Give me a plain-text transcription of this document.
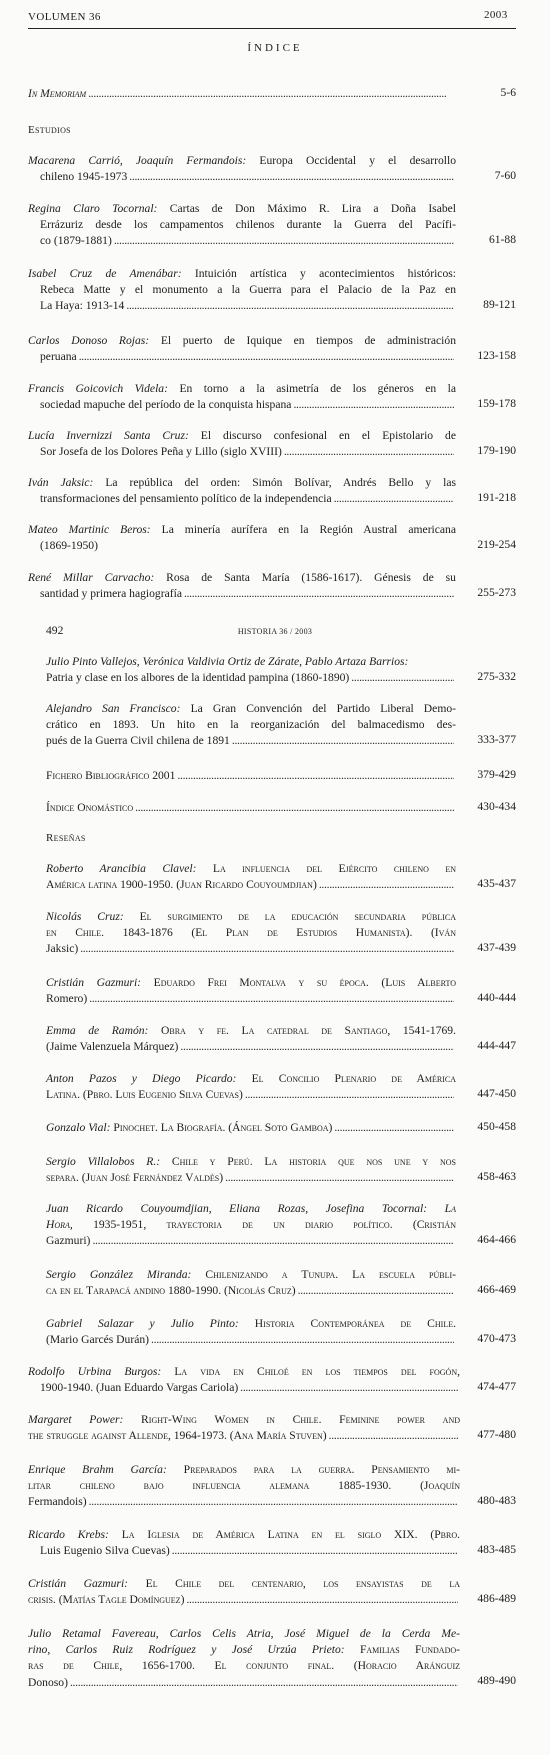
VOLUMEN 36	2003
ÍNDICE
In Memoriam . . .	5-6
Estudios
Macarena Carrió, Joaquín Fermandois: Europa Occidental y el desarrollo
chileno 1945-1973 . . .	7-60
Regina Claro Tocornal: Cartas de Don Máximo R. Lira a Doña Isabel
Errázuriz desde los campamentos chilenos durante la Guerra del Pacífi-
co (1879-1881) . . .	61-88
Isabel Cruz de Amenábar: Intuición artística y acontecimientos históricos:
Rebeca Matte y el monumento a la Guerra para el Palacio de la Paz en
La Haya: 1913-14 . . .	89-121
Carlos Donoso Rojas: El puerto de Iquique en tiempos de administración
peruana . . .	123-158
Francis Goicovich Videla: En torno a la asimetría de los géneros en la
sociedad mapuche del período de la conquista hispana . . .	159-178
Lucía Invernizzi Santa Cruz: El discurso confesional en el Epistolario de
Sor Josefa de los Dolores Peña y Lillo (siglo XVIII) . . .	179-190
Iván Jaksic: La república del orden: Simón Bolívar, Andrés Bello y las
transformaciones del pensamiento político de la independencia . . .	191-218
Mateo Martinic Beros: La minería aurífera en la Región Austral americana
(1869-1950)	219-254
René Millar Carvacho: Rosa de Santa María (1586-1617). Génesis de su
santidad y primera hagiografía . . .	255-273
492	HISTORIA 36 / 2003
Julio Pinto Vallejos, Verónica Valdivia Ortiz de Zárate, Pablo Artaza Barrios:
Patria y clase en los albores de la identidad pampina (1860-1890) . . .	275-332
Alejandro San Francisco: La Gran Convención del Partido Liberal Demo-
crático en 1893. Un hito en la reorganización del balmacedismo des-
pués de la Guerra Civil chilena de 1891 . . .	333-377
Fichero Bibliográfico 2001 . . .	379-429
Índice Onomástico . . .	430-434
Reseñas
Roberto Arancibia Clavel: La influencia del Ejército chileno en
América latina 1900-1950. (Juan Ricardo Couyoumdjian) . . .	435-437
Nicolás Cruz: El surgimiento de la educación secundaria pública
en Chile. 1843-1876 (El Plan de Estudios Humanista). (Iván
Jaksic) . . .	437-439
Cristián Gazmuri: Eduardo Frei Montalva y su época. (Luis Alberto
Romero) . . .	440-444
Emma de Ramón: Obra y fe. La catedral de Santiago, 1541-1769.
(Jaime Valenzuela Márquez) . . .	444-447
Anton Pazos y Diego Picardo: El Concilio Plenario de América
Latina. (Pbro. Luis Eugenio Silva Cuevas) . . .	447-450
Gonzalo Vial:
Pinochet. La Biografía. (Ángel Soto Gamboa) . . .	450-458
Sergio Villalobos R.: Chile y Perú. La historia que nos une y nos
separa. (Juan José Fernández Valdés) . . .	458-463
Juan Ricardo Couyoumdjian, Eliana Rozas, Josefina Tocornal: La
Hora, 1935-1951, trayectoria de un diario político. (Cristián
Gazmuri) . . .	464-466
Sergio González Miranda: Chilenizando a Tunupa. La escuela públi-
ca en el Tarapacá andino 1880-1990. (Nicolás Cruz) . . .	466-469
Gabriel Salazar y Julio Pinto: Historia Contemporánea de Chile.
(Mario Garcés Durán) . . .	470-473
Rodolfo Urbina Burgos: La vida en Chiloé en los tiempos del fogón,
1900-1940. (Juan Eduardo Vargas Cariola) . . .	474-477
Margaret Power: Right-Wing Women in Chile. Feminine power and
the struggle against Allende, 1964-1973. (Ana María Stuven) . . .	477-480
Enrique Brahm García: Preparados para la guerra. Pensamiento mi-
litar chileno bajo influencia alemana 1885-1930. (Joaquín
Fermandois) . . .	480-483
Ricardo Krebs: La Iglesia de América Latina en el siglo XIX. (Pbro.
Luis Eugenio Silva Cuevas) . . .	483-485
Cristián Gazmuri: El Chile del centenario, los ensayistas de la
crisis. (Matías Tagle Domínguez) . . .	486-489
Julio Retamal Favereau, Carlos Celis Atria, José Miguel de la Cerda Me-
rino, Carlos Ruiz Rodríguez y José Urzúa Prieto: Familias Fundado-
ras de Chile, 1656-1700. El conjunto final. (Horacio Aránguiz
Donoso) . . .	489-490
